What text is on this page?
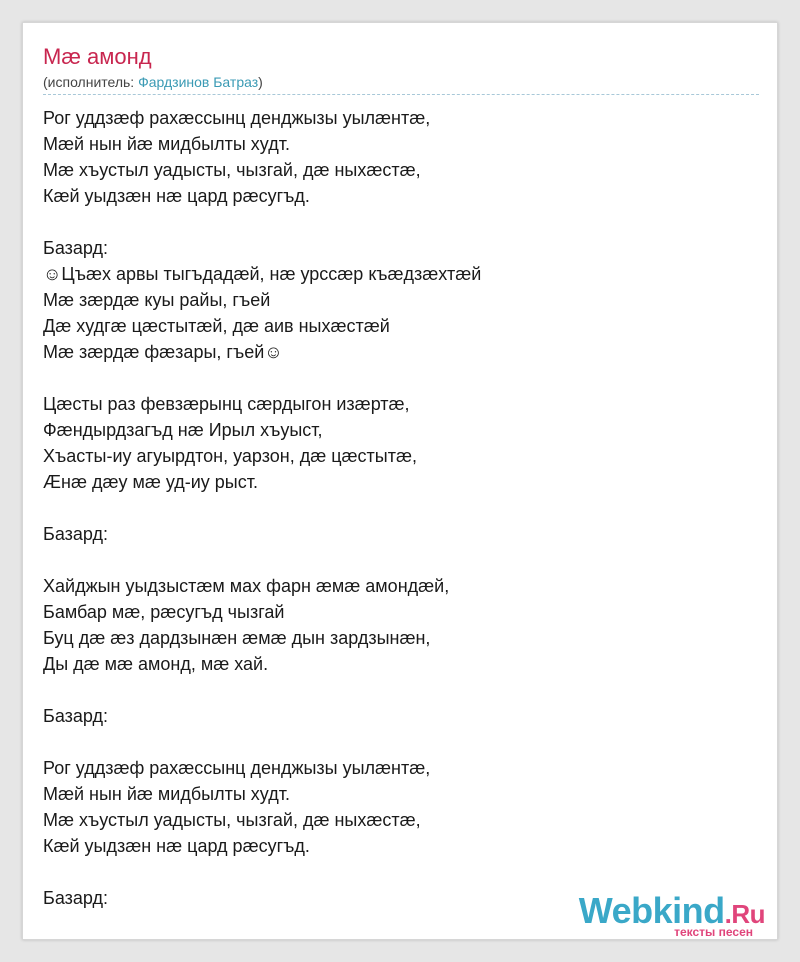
Мæ амонд
(исполнитель: Фардзинов Батраз)
Рог уддзæф рахæссынц денджызы уылæнтæ,
Мæй нын йæ мидбылты худт.
Мæ хъустыл уадысты, чызгай, дæ ныхæстæ,
Кæй уыдзæн нæ цард рæсугъд.
Базард:
☺Цъæх арвы тыгъдадæй, нæ урссæр къæдзæхтæй
Мæ зæрдæ куы райы, гъей
Дæ худгæ цæстытæй, дæ аив ныхæстæй
Мæ зæрдæ фæзары, гъей☺
Цæсты раз февзæрынц сæрдыгон изæртæ,
Фæндырдзагъд нæ Ирыл хъуыст,
Хъасты-иу агуырдтон, уарзон, дæ цæстытæ,
Æнæ дæу мæ уд-иу рыст.
Базард:
Хайджын уыдзыстæм мах фарн æмæ амондæй,
Бамбар мæ, рæсугъд чызгай
Буц дæ æз дардзынæн æмæ дын зардзынæн,
Ды дæ мæ амонд, мæ хай.
Базард:
Рог уддзæф рахæссынц денджызы уылæнтæ,
Мæй нын йæ мидбылты худт.
Мæ хъустыл уадысты, чызгай, дæ ныхæстæ,
Кæй уыдзæн нæ цард рæсугъд.
Базард:	Webkind.Ru
тексты песен
